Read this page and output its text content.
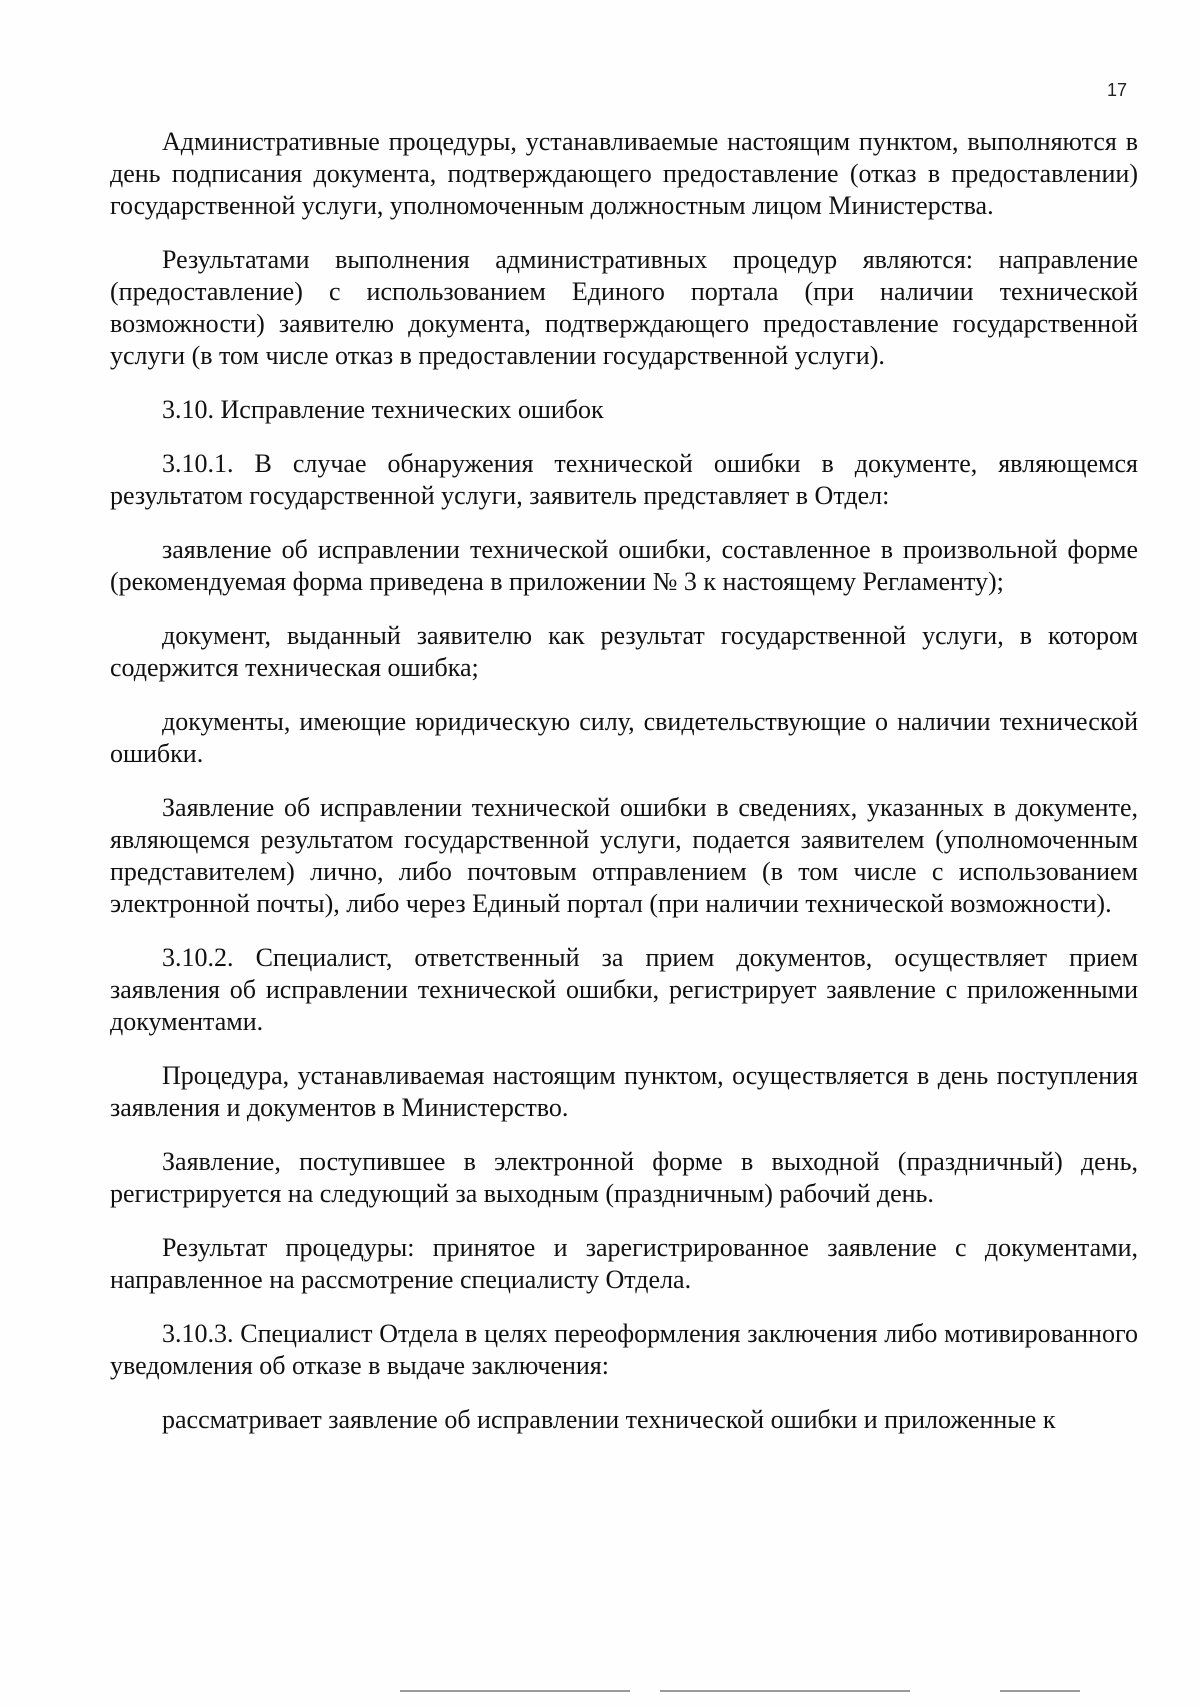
17

Административные процедуры, устанавливаемые настоящим пунктом, выполняются в день подписания документа, подтверждающего предоставление (отказ в предоставлении) государственной услуги, уполномоченным должностным лицом Министерства.

Результатами выполнения административных процедур являются: направление (предоставление) с использованием Единого портала (при наличии технической возможности) заявителю документа, подтверждающего предоставление государственной услуги (в том числе отказ в предоставлении государственной услуги).

3.10. Исправление технических ошибок

3.10.1. В случае обнаружения технической ошибки в документе, являющемся результатом государственной услуги, заявитель представляет в Отдел:

заявление об исправлении технической ошибки, составленное в произвольной форме (рекомендуемая форма приведена в приложении № 3 к настоящему Регламенту);

документ, выданный заявителю как результат государственной услуги, в котором содержится техническая ошибка;

документы, имеющие юридическую силу, свидетельствующие о наличии технической ошибки.

Заявление об исправлении технической ошибки в сведениях, указанных в документе, являющемся результатом государственной услуги, подается заявителем (уполномоченным представителем) лично, либо почтовым отправлением (в том числе с использованием электронной почты), либо через Единый портал (при наличии технической возможности).

3.10.2. Специалист, ответственный за прием документов, осуществляет прием заявления об исправлении технической ошибки, регистрирует заявление с приложенными документами.

Процедура, устанавливаемая настоящим пунктом, осуществляется в день поступления заявления и документов в Министерство.

Заявление, поступившее в электронной форме в выходной (праздничный) день, регистрируется на следующий за выходным (праздничным) рабочий день.

Результат процедуры: принятое и зарегистрированное заявление с документами, направленное на рассмотрение специалисту Отдела.

3.10.3. Специалист Отдела в целях переоформления заключения либо мотивированного уведомления об отказе в выдаче заключения:

рассматривает заявление об исправлении технической ошибки и приложенные к
